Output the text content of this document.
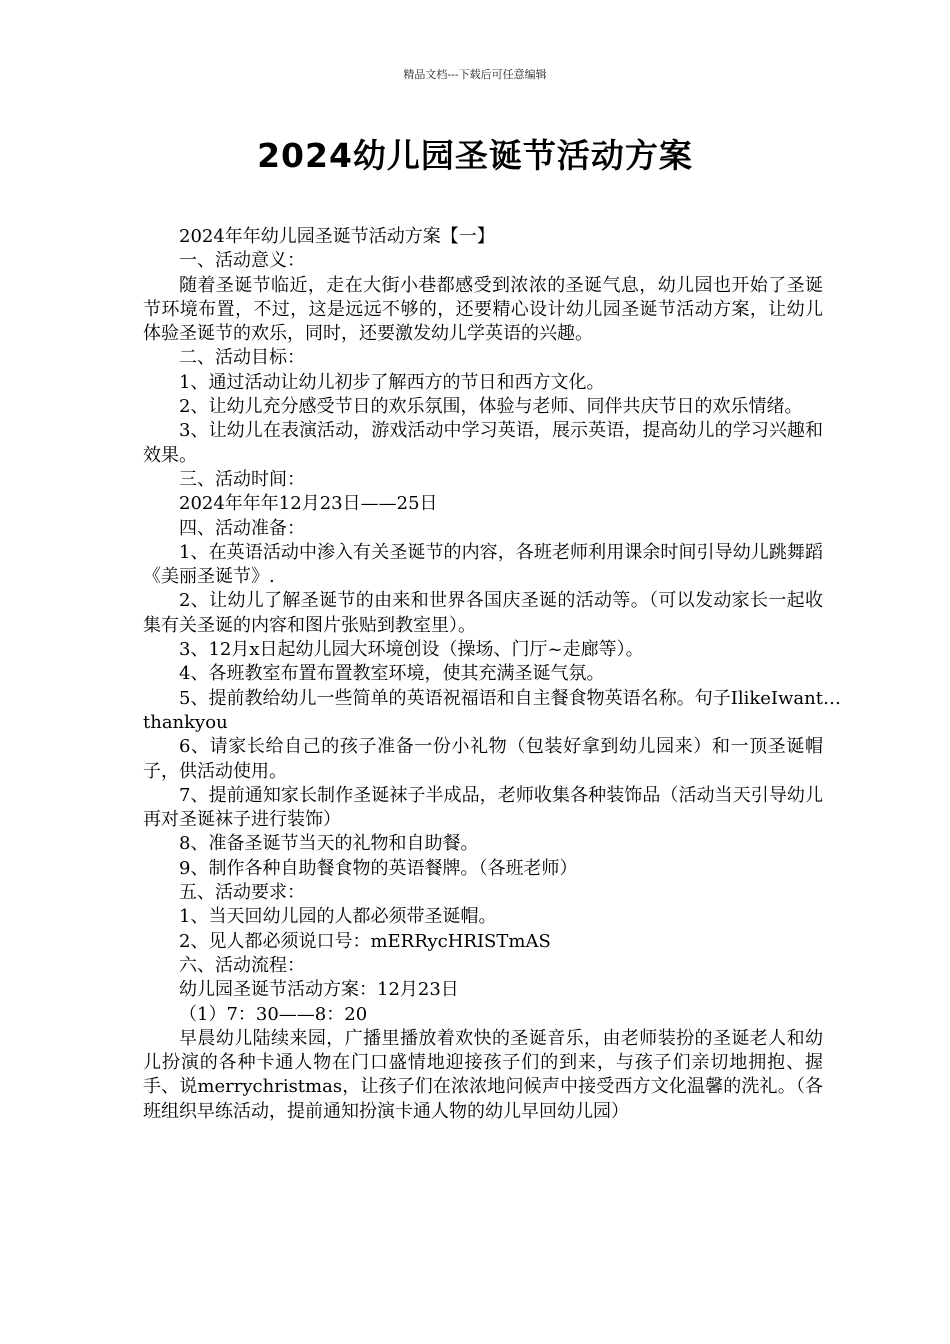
精品文档---下载后可任意编辑
2024幼儿园圣诞节活动方案

2024年年幼儿园圣诞节活动方案【一】

一、活动意义：

随着圣诞节临近，走在大街小巷都感受到浓浓的圣诞气息，幼儿园也开始了圣诞节环境布置，不过，这是远远不够的，还要精心设计幼儿园圣诞节活动方案，让幼儿体验圣诞节的欢乐，同时，还要激发幼儿学英语的兴趣。

二、活动目标：

1、通过活动让幼儿初步了解西方的节日和西方文化。

2、让幼儿充分感受节日的欢乐氛围，体验与老师、同伴共庆节日的欢乐情绪。

3、让幼儿在表演活动，游戏活动中学习英语，展示英语，提高幼儿的学习兴趣和效果。

三、活动时间：

2024年年年12月23日——25日

四、活动准备：

1、在英语活动中渗入有关圣诞节的内容，各班老师利用课余时间引导幼儿跳舞蹈《美丽圣诞节》.

2、让幼儿了解圣诞节的由来和世界各国庆圣诞的活动等。（可以发动家长一起收集有关圣诞的内容和图片张贴到教室里）。

3、12月x日起幼儿园大环境创设（操场、门厅~走廊等）。

4、各班教室布置布置教室环境，使其充满圣诞气氛。

5、提前教给幼儿一些简单的英语祝福语和自主餐食物英语名称。句子IlikeIwant…thankyou

6、请家长给自己的孩子准备一份小礼物（包装好拿到幼儿园来）和一顶圣诞帽子，供活动使用。

7、提前通知家长制作圣诞袜子半成品，老师收集各种装饰品（活动当天引导幼儿再对圣诞袜子进行装饰）

8、准备圣诞节当天的礼物和自助餐。

9、制作各种自助餐食物的英语餐牌。（各班老师）

五、活动要求：

1、当天回幼儿园的人都必须带圣诞帽。

2、见人都必须说口号：mERRycHRISTmAS

六、活动流程：

幼儿园圣诞节活动方案：12月23日

（1）7：30——8：20

早晨幼儿陆续来园，广播里播放着欢快的圣诞音乐，由老师装扮的圣诞老人和幼儿扮演的各种卡通人物在门口盛情地迎接孩子们的到来，与孩子们亲切地拥抱、握手、说merrychristmas，让孩子们在浓浓地问候声中接受西方文化温馨的洗礼。（各班组织早练活动，提前通知扮演卡通人物的幼儿早回幼儿园）
